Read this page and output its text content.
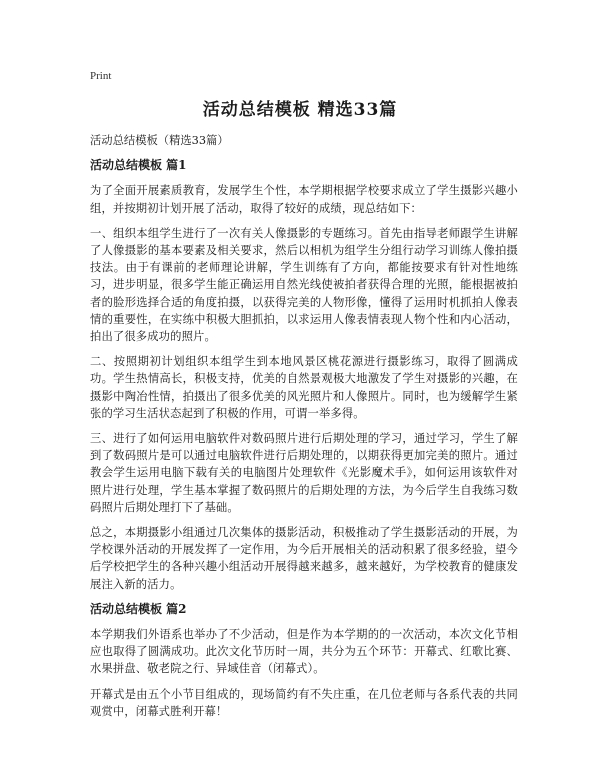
Print
活动总结模板 精选33篇
活动总结模板（精选33篇）
活动总结模板 篇1

为了全面开展素质教育，发展学生个性，本学期根据学校要求成立了学生摄影兴趣小组，并按期初计划开展了活动，取得了较好的成绩，现总结如下：

一、组织本组学生进行了一次有关人像摄影的专题练习。首先由指导老师跟学生讲解了人像摄影的基本要素及相关要求，然后以相机为组学生分组行动学习训练人像拍摄技法。由于有课前的老师理论讲解，学生训练有了方向，都能按要求有针对性地练习，进步明显，很多学生能正确运用自然光线使被拍者获得合理的光照，能根据被拍者的脸形选择合适的角度拍摄，以获得完美的人物形像，懂得了运用时机抓拍人像表情的重要性，在实练中积极大胆抓拍，以求运用人像表情表现人物个性和内心活动，拍出了很多成功的照片。

二、按照期初计划组织本组学生到本地风景区桃花源进行摄影练习，取得了圆满成功。学生热情高长，积极支持，优美的自然景观极大地激发了学生对摄影的兴趣，在摄影中陶冶性情，拍摄出了很多优美的风光照片和人像照片。同时，也为缓解学生紧张的学习生活状态起到了积极的作用，可谓一举多得。

三、进行了如何运用电脑软件对数码照片进行后期处理的学习，通过学习，学生了解到了数码照片是可以通过电脑软件进行后期处理的，以期获得更加完美的照片。通过教会学生运用电脑下载有关的电脑图片处理软件《光影魔术手》，如何运用该软件对照片进行处理，学生基本掌握了数码照片的后期处理的方法，为今后学生自我练习数码照片后期处理打下了基础。

总之，本期摄影小组通过几次集体的摄影活动，积极推动了学生摄影活动的开展，为学校课外活动的开展发挥了一定作用，为今后开展相关的活动积累了很多经验，望今后学校把学生的各种兴趣小组活动开展得越来越多，越来越好，为学校教育的健康发展注入新的活力。

活动总结模板 篇2

本学期我们外语系也举办了不少活动，但是作为本学期的的一次活动，本次文化节相应也取得了圆满成功。此次文化节历时一周，共分为五个环节：开幕式、红歌比赛、水果拼盘、敬老院之行、异域佳音（闭幕式）。

开幕式是由五个小节目组成的，现场简约有不失庄重，在几位老师与各系代表的共同观赏中，闭幕式胜利开幕！
